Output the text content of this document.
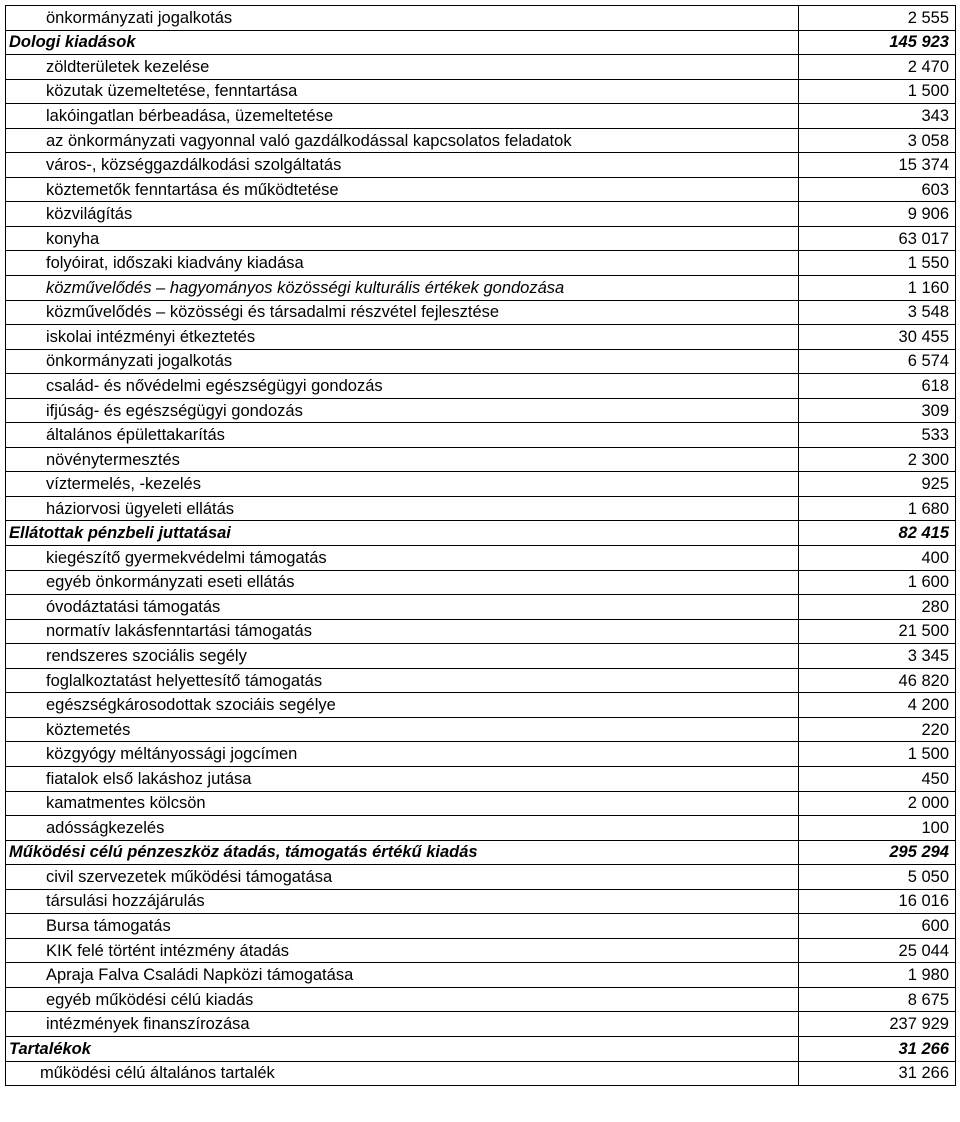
önkormányzati jogalkotás	2 555
Dologi kiadások	145 923
zöldterületek kezelése	2 470
közutak üzemeltetése, fenntartása	1 500
lakóingatlan bérbeadása, üzemeltetése	343
az önkormányzati vagyonnal való gazdálkodással kapcsolatos feladatok	3 058
város-, községgazdálkodási szolgáltatás	15 374
köztemetők fenntartása és működtetése	603
közvilágítás	9 906
konyha	63 017
folyóirat, időszaki kiadvány kiadása	1 550
közművelődés – hagyományos közösségi kulturális értékek gondozása	1 160
közművelődés – közösségi és társadalmi részvétel fejlesztése	3 548
iskolai intézményi étkeztetés	30 455
önkormányzati jogalkotás	6 574
család- és nővédelmi egészségügyi gondozás	618
ifjúság- és egészségügyi gondozás	309
általános épülettakarítás	533
növénytermesztés	2 300
víztermelés, -kezelés	925
háziorvosi ügyeleti ellátás	1 680
Ellátottak pénzbeli juttatásai	82 415
kiegészítő gyermekvédelmi támogatás	400
egyéb önkormányzati eseti ellátás	1 600
óvodáztatási támogatás	280
normatív lakásfenntartási támogatás	21 500
rendszeres szociális segély	3 345
foglalkoztatást helyettesítő támogatás	46 820
egészségkárosodottak szociáis segélye	4 200
köztemetés	220
közgyógy méltányossági jogcímen	1 500
fiatalok első lakáshoz jutása	450
kamatmentes kölcsön	2 000
adósságkezelés	100
Működési célú pénzeszköz átadás, támogatás értékű kiadás	295 294
civil szervezetek működési támogatása	5 050
társulási hozzájárulás	16 016
Bursa támogatás	600
KIK felé történt intézmény átadás	25 044
Apraja Falva Családi Napközi támogatása	1 980
egyéb működési célú kiadás	8 675
intézmények finanszírozása	237 929
Tartalékok	31 266
működési célú általános tartalék	31 266
